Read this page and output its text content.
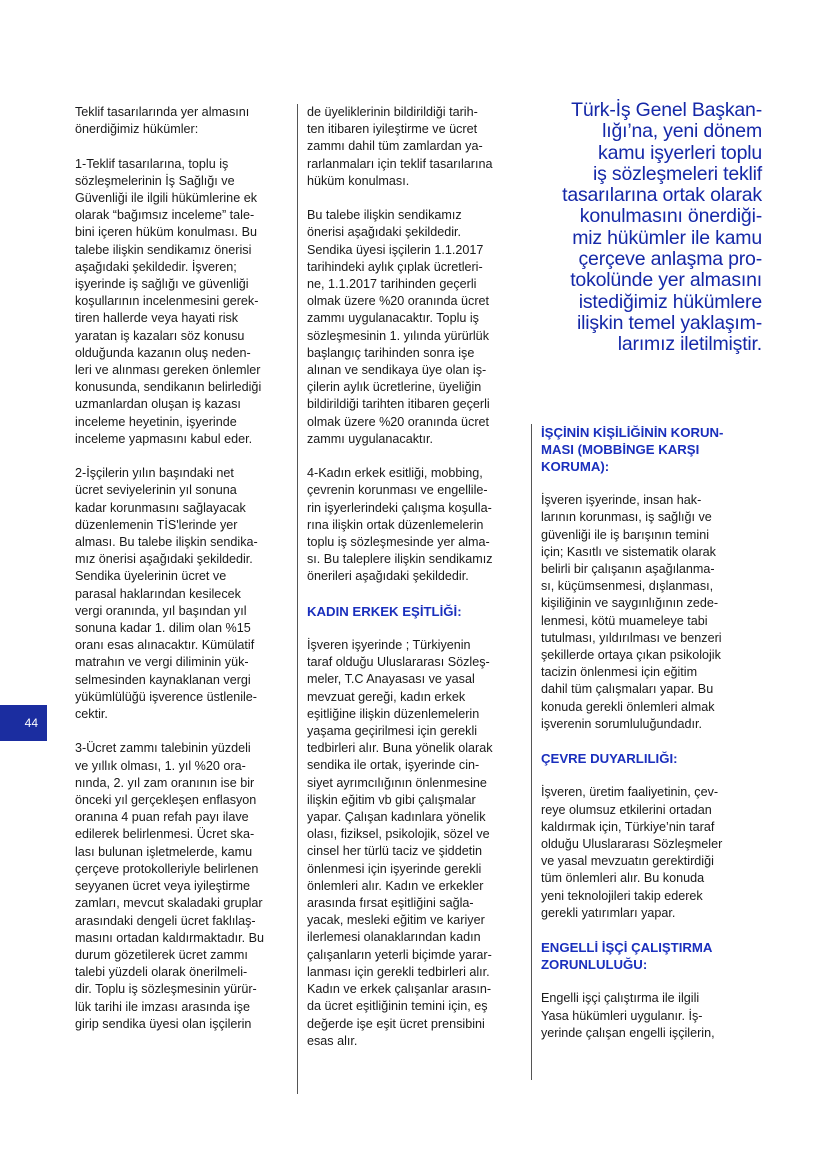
Teklif tasarılarında yer almasını
önerdiğimiz hükümler:

1-Teklif tasarılarına, toplu iş
sözleşmelerinin İş Sağlığı ve
Güvenliği ile ilgili hükümlerine ek
olarak “bağımsız inceleme” tale-
bini içeren hüküm konulması. Bu
talebe ilişkin sendikamız önerisi
aşağıdaki şekildedir. İşveren;
işyerinde iş sağlığı ve güvenliği
koşullarının incelenmesini gerek-
tiren hallerde veya hayati risk
yaratan iş kazaları söz konusu
olduğunda kazanın oluş neden-
leri ve alınması gereken önlemler
konusunda, sendikanın belirlediği
uzmanlardan oluşan iş kazası
inceleme heyetinin, işyerinde
inceleme yapmasını kabul eder.

2-İşçilerin yılın başındaki net
ücret seviyelerinin yıl sonuna
kadar korunmasını sağlayacak
düzenlemenin TİS'lerinde yer
alması. Bu talebe ilişkin sendika-
mız önerisi aşağıdaki şekildedir.
Sendika üyelerinin ücret ve
parasal haklarından kesilecek
vergi oranında, yıl başından yıl
sonuna kadar 1. dilim olan %15
oranı esas alınacaktır. Kümülatif
matrahın ve vergi diliminin yük-
selmesinden kaynaklanan vergi
yükümlülüğü işverence üstlenile-
cektir.

3-Ücret zammı talebinin yüzdeli
ve yıllık olması, 1. yıl %20 ora-
nında, 2. yıl zam oranının ise bir
önceki yıl gerçekleşen enflasyon
oranına 4 puan refah payı ilave
edilerek belirlenmesi. Ücret ska-
lası bulunan işletmelerde, kamu
çerçeve protokolleriyle belirlenen
seyyanen ücret veya iyileştirme
zamları, mevcut skaladaki gruplar
arasındaki dengeli ücret faklılaş-
masını ortadan kaldırmaktadır. Bu
durum gözetilerek ücret zammı
talebi yüzdeli olarak önerilmeli-
dir. Toplu iş sözleşmesinin yürür-
lük tarihi ile imzası arasında işe
girip sendika üyesi olan işçilerin

de üyeliklerinin bildirildiği tarih-
ten itibaren iyileştirme ve ücret
zammı dahil tüm zamlardan ya-
rarlanmaları için teklif tasarılarına
hüküm konulması.

Bu talebe ilişkin sendikamız
önerisi aşağıdaki şekildedir.
Sendika üyesi işçilerin 1.1.2017
tarihindeki aylık çıplak ücretleri-
ne, 1.1.2017 tarihinden geçerli
olmak üzere %20 oranında ücret
zammı uygulanacaktır. Toplu iş
sözleşmesinin 1. yılında yürürlük
başlangıç tarihinden sonra işe
alınan ve sendikaya üye olan iş-
çilerin aylık ücretlerine, üyeliğin
bildirildiği tarihten itibaren geçerli
olmak üzere %20 oranında ücret
zammı uygulanacaktır.

4-Kadın erkek esitliği, mobbing,
çevrenin korunması ve engellile-
rin işyerlerindeki çalışma koşulla-
rına ilişkin ortak düzenlemelerin
toplu iş sözleşmesinde yer alma-
sı. Bu taleplere ilişkin sendikamız
önerileri aşağıdaki şekildedir.

KADIN ERKEK EŞİTLİĞİ:

İşveren işyerinde ; Türkiyenin
taraf olduğu Uluslararası Sözleş-
meler, T.C Anayasası ve yasal
mevzuat gereği, kadın erkek
eşitliğine ilişkin düzenlemelerin
yaşama geçirilmesi için gerekli
tedbirleri alır. Buna yönelik olarak
sendika ile ortak, işyerinde cin-
siyet ayrımcılığının önlenmesine
ilişkin eğitim vb gibi çalışmalar
yapar. Çalışan kadınlara yönelik
olası, fiziksel, psikolojik, sözel ve
cinsel her türlü taciz ve şiddetin
önlenmesi için işyerinde gerekli
önlemleri alır. Kadın ve erkekler
arasında fırsat eşitliğini sağla-
yacak, mesleki eğitim ve kariyer
ilerlemesi olanaklarından kadın
çalışanların yeterli biçimde yarar-
lanması için gerekli tedbirleri alır.
Kadın ve erkek çalışanlar arasın-
da ücret eşitliğinin temini için, eş
değerde işe eşit ücret prensibini
esas alır.

Türk-İş Genel Başkan-
lığı’na, yeni dönem
kamu işyerleri toplu
iş sözleşmeleri teklif
tasarılarına ortak olarak
konulmasını önerdiği-
miz hükümler ile kamu
çerçeve anlaşma pro-
tokolünde yer almasını
istediğimiz hükümlere
ilişkin temel yaklaşım-
larımız iletilmiştir.

İŞÇİNİN KİŞİLİĞİNİN KORUN-
MASI (MOBBİNGE KARŞI
KORUMA):

İşveren işyerinde, insan hak-
larının korunması, iş sağlığı ve
güvenliği ile iş barışının temini
için; Kasıtlı ve sistematik olarak
belirli bir çalışanın aşağılanma-
sı, küçümsenmesi, dışlanması,
kişiliğinin ve saygınlığının zede-
lenmesi, kötü muameleye tabi
tutulması, yıldırılması ve benzeri
şekillerde ortaya çıkan psikolojik
tacizin önlenmesi için eğitim
dahil tüm çalışmaları yapar. Bu
konuda gerekli önlemleri almak
işverenin sorumluluğundadır.

ÇEVRE DUYARLILIĞI:

İşveren, üretim faaliyetinin, çev-
reye olumsuz etkilerini ortadan
kaldırmak için, Türkiye’nin taraf
olduğu Uluslararası Sözleşmeler
ve yasal mevzuatın gerektirdiği
tüm önlemleri alır. Bu konuda
yeni teknolojileri takip ederek
gerekli yatırımları yapar.

ENGELLİ İŞÇİ ÇALIŞTIRMA
ZORUNLULUĞU:

Engelli işçi çalıştırma ile ilgili
Yasa hükümleri uygulanır. İş-
yerinde çalışan engelli işçilerin,

44
